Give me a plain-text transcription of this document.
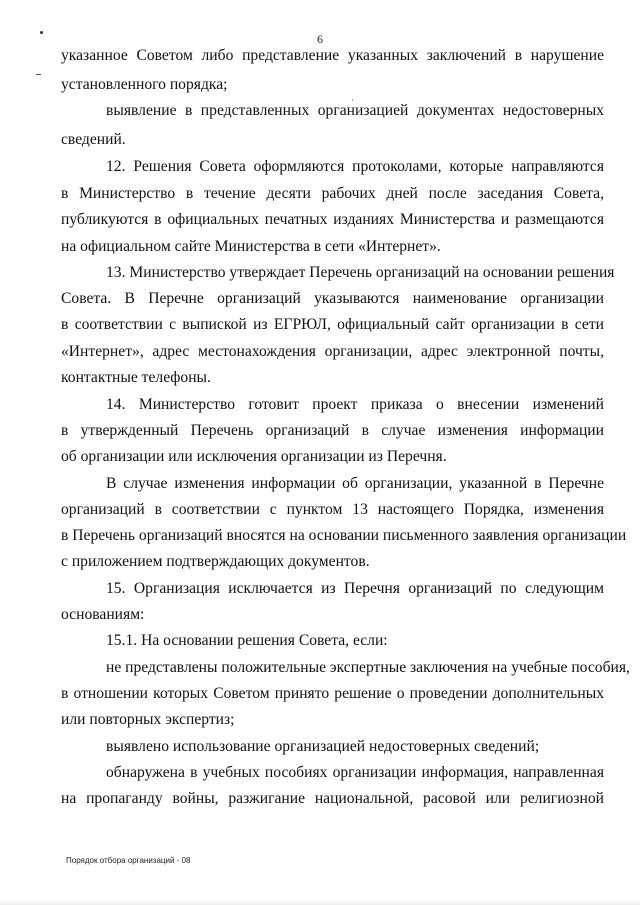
6
указанное Советом либо представление указанных заключений в нарушение
установленного порядка;
выявление в представленных организацией документах недостоверных
сведений.
12. Решения Совета оформляются протоколами, которые направляются
в Министерство в течение десяти рабочих дней после заседания Совета,
публикуются в официальных печатных изданиях Министерства и размещаются
на официальном сайте Министерства в сети «Интернет».
13. Министерство утверждает Перечень организаций на основании решения
Совета. В Перечне организаций указываются наименование организации
в соответствии с выпиской из ЕГРЮЛ, официальный сайт организации в сети
«Интернет», адрес местонахождения организации, адрес электронной почты,
контактные телефоны.
14. Министерство готовит проект приказа о внесении изменений
в утвержденный Перечень организаций в случае изменения информации
об организации или исключения организации из Перечня.
В случае изменения информации об организации, указанной в Перечне
организаций в соответствии с пунктом 13 настоящего Порядка, изменения
в Перечень организаций вносятся на основании письменного заявления организации
с приложением подтверждающих документов.
15. Организация исключается из Перечня организаций по следующим
основаниям:
15.1. На основании решения Совета, если:
не представлены положительные экспертные заключения на учебные пособия,
в отношении которых Советом принято решение о проведении дополнительных
или повторных экспертиз;
выявлено использование организацией недостоверных сведений;
обнаружена в учебных пособиях организации информация, направленная
на пропаганду войны, разжигание национальной, расовой или религиозной
Порядок отбора организаций - 08
